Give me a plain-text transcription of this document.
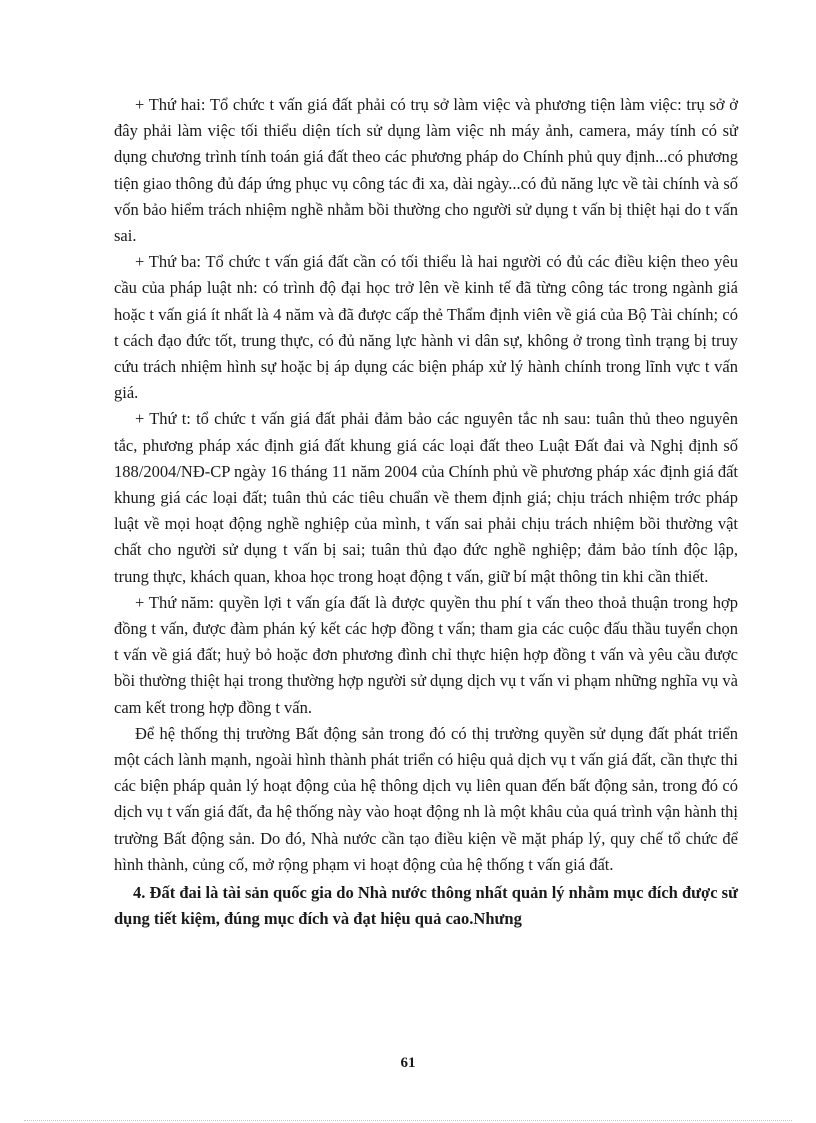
+ Thứ hai: Tổ chức t vấn giá đất phải có trụ sở làm việc và phương tiện làm việc: trụ sở ở đây phải làm việc tối thiểu diện tích sử dụng làm việc nh máy ảnh, camera, máy tính có sử dụng chương trình tính toán giá đất theo các phương pháp do Chính phủ quy định...có phương tiện giao thông đủ đáp ứng phục vụ công tác đi xa, dài ngày...có đủ năng lực về tài chính và số vốn bảo hiểm trách nhiệm nghề nhằm bồi thường cho người sử dụng t vấn bị thiệt hại do t vấn sai.

+ Thứ ba: Tổ chức t vấn giá đất cần có tối thiểu là hai người có đủ các điều kiện theo yêu cầu của pháp luật nh: có trình độ đại học trở lên về kinh tế đã từng công tác trong ngành giá hoặc t vấn giá ít nhất là 4 năm và đã được cấp thẻ Thẩm định viên về giá của Bộ Tài chính; có t cách đạo đức tốt, trung thực, có đủ năng lực hành vi dân sự, không ở trong tình trạng bị truy cứu trách nhiệm hình sự hoặc bị áp dụng các biện pháp xử lý hành chính trong lĩnh vực t vấn giá.

+ Thứ t: tổ chức t vấn giá đất phải đảm bảo các nguyên tắc nh sau: tuân thủ theo nguyên tắc, phương pháp xác định giá đất khung giá các loại đất theo Luật Đất đai và Nghị định số 188/2004/NĐ-CP ngày 16 tháng 11 năm 2004 của Chính phủ về phương pháp xác định giá đất khung giá các loại đất; tuân thủ các tiêu chuẩn về them định giá; chịu trách nhiệm trớc pháp luật về mọi hoạt động nghề nghiệp của mình, t vấn sai phải chịu trách nhiệm bồi thường vật chất cho người sử dụng t vấn bị sai; tuân thủ đạo đức nghề nghiệp; đảm bảo tính độc lập, trung thực, khách quan, khoa học trong hoạt động t vấn, giữ bí mật thông tin khi cần thiết.

+ Thứ năm: quyền lợi t vấn gía đất là được quyền thu phí t vấn theo thoả thuận trong hợp đồng t vấn, được đàm phán ký kết các hợp đồng t vấn; tham gia các cuộc đấu thầu tuyển chọn t vấn về giá đất; huỷ bỏ hoặc đơn phương đình chỉ thực hiện hợp đồng t vấn và yêu cầu được bồi thường thiệt hại trong thường hợp người sử dụng dịch vụ t vấn vi phạm những nghĩa vụ và cam kết trong hợp đồng t vấn.

Để hệ thống thị trường Bất động sản trong đó có thị trường quyền sử dụng đất phát triển một cách lành mạnh, ngoài hình thành phát triển có hiệu quả dịch vụ t vấn giá đất, cần thực thi các biện pháp quản lý hoạt động của hệ thông dịch vụ liên quan đến bất động sản, trong đó có dịch vụ t vấn giá đất, đa hệ thống này vào hoạt động nh là một khâu của quá trình vận hành thị trường Bất động sản. Do đó, Nhà nước cần tạo điều kiện về mặt pháp lý, quy chế tổ chức để hình thành, củng cố, mở rộng phạm vi hoạt động của hệ thống t vấn giá đất.

4. Đất đai là tài sản quốc gia do Nhà nước thông nhất quản lý nhằm mục đích được sử dụng tiết kiệm, đúng mục đích và đạt hiệu quả cao.Nhưng

61
